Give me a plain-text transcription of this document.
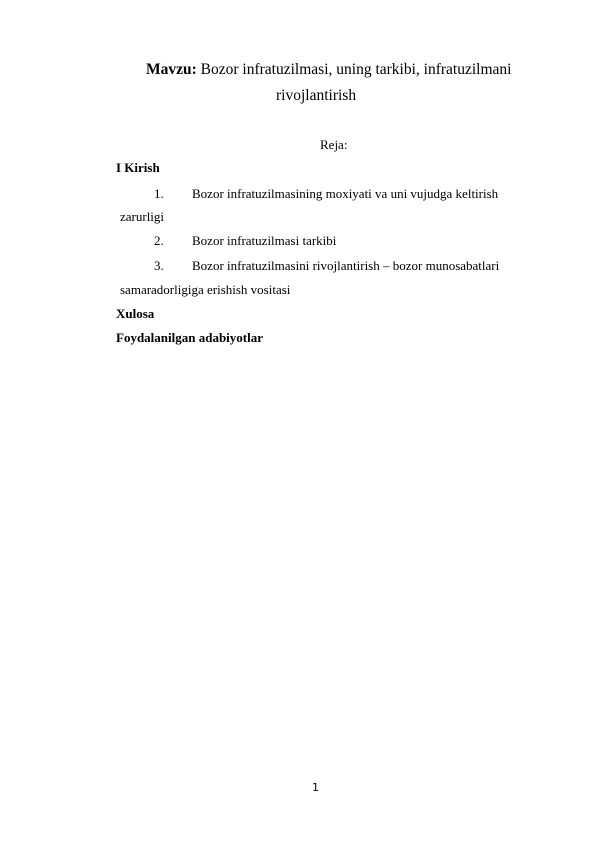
Mavzu: Bozor infratuzilmasi, uning tarkibi, infratuzilmani
rivojlantirish
Reja:
I Kirish
1. Bozor infratuzilmasining moxiyati va uni vujudga keltirish
zarurligi
2. Bozor infratuzilmasi tarkibi
3. Bozor infratuzilmasini rivojlantirish – bozor munosabatlari
samaradorligiga erishish vositasi
Xulosa
Foydalanilgan adabiyotlar
1
